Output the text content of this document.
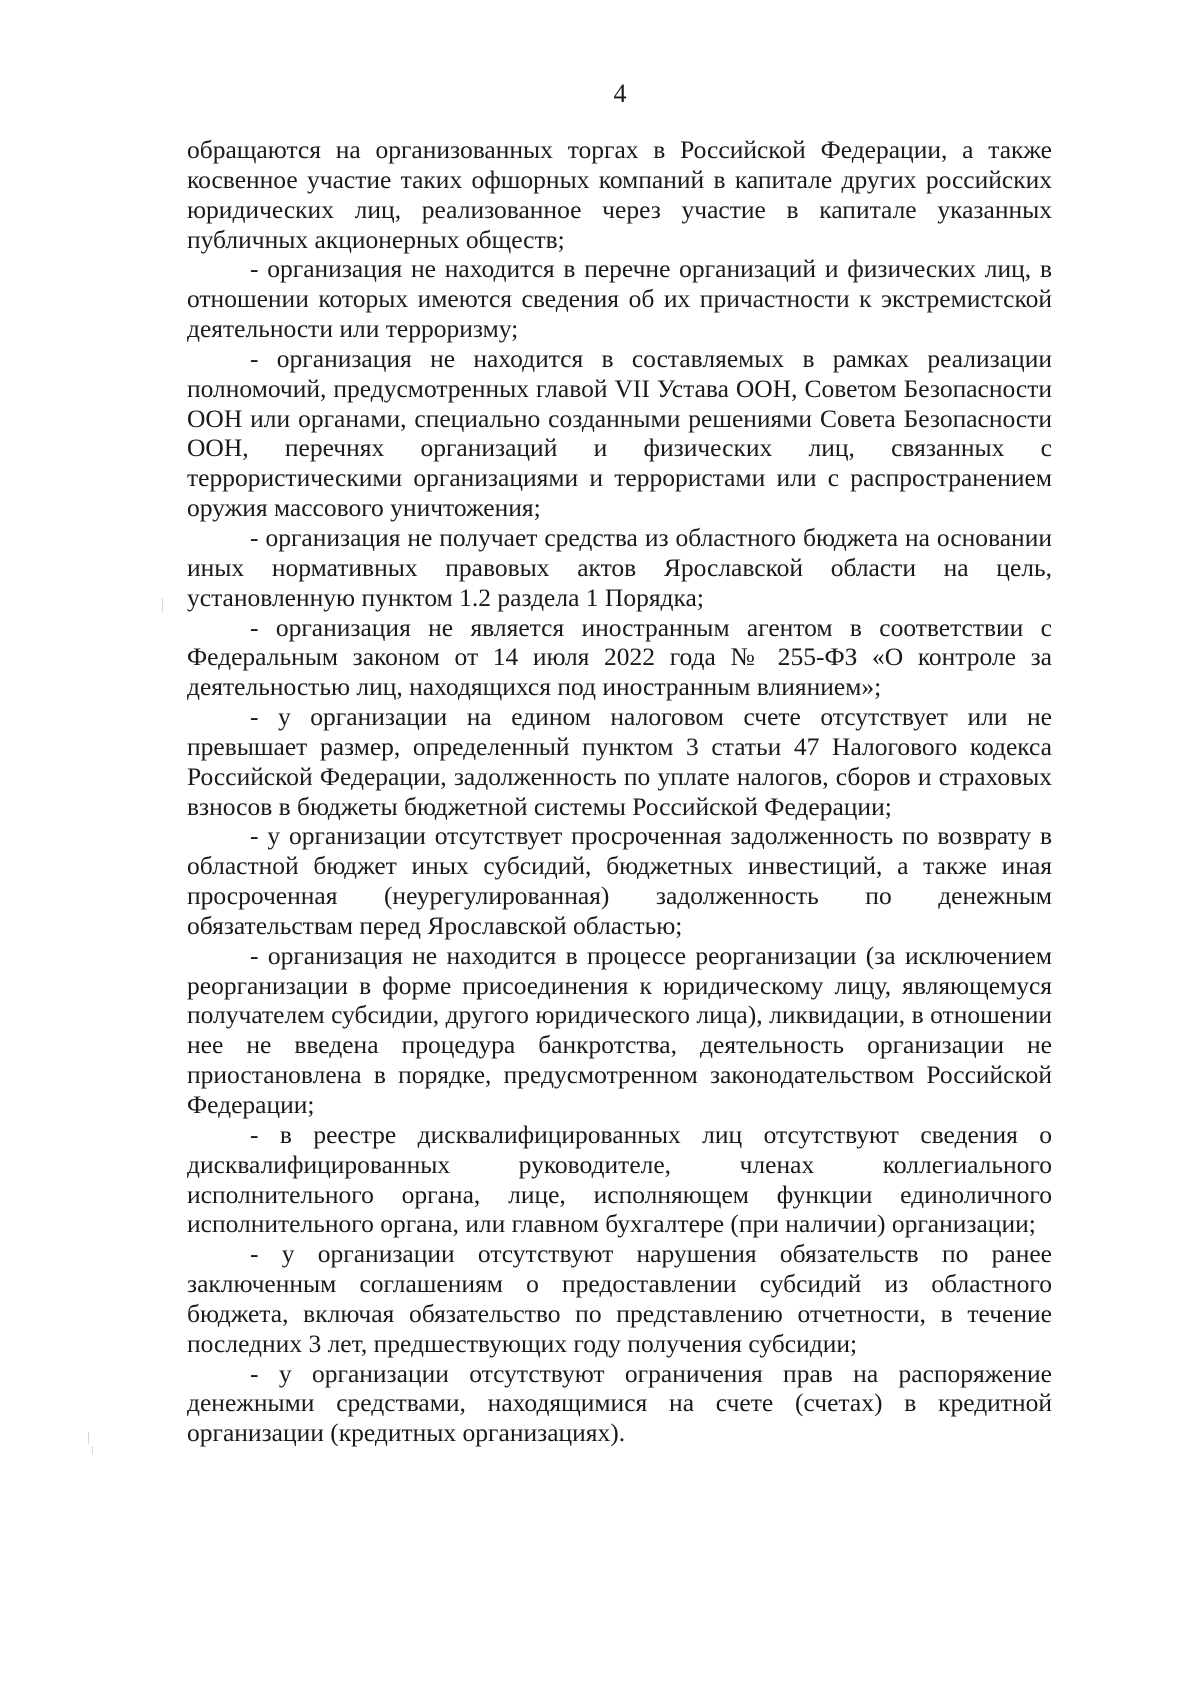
4

обращаются на организованных торгах в Российской Федерации, а также косвенное участие таких офшорных компаний в капитале других российских юридических лиц, реализованное через участие в капитале указанных публичных акционерных обществ;

- организация не находится в перечне организаций и физических лиц, в отношении которых имеются сведения об их причастности к экстремистской деятельности или терроризму;

- организация не находится в составляемых в рамках реализации полномочий, предусмотренных главой VII Устава ООН, Советом Безопасности ООН или органами, специально созданными решениями Совета Безопасности ООН, перечнях организаций и физических лиц, связанных с террористическими организациями и террористами или с распространением оружия массового уничтожения;

- организация не получает средства из областного бюджета на основании иных нормативных правовых актов Ярославской области на цель, установленную пунктом 1.2 раздела 1 Порядка;

- организация не является иностранным агентом в соответствии с Федеральным законом от 14 июля 2022 года № 255-ФЗ «О контроле за деятельностью лиц, находящихся под иностранным влиянием»;

- у организации на едином налоговом счете отсутствует или не превышает размер, определенный пунктом 3 статьи 47 Налогового кодекса Российской Федерации, задолженность по уплате налогов, сборов и страховых взносов в бюджеты бюджетной системы Российской Федерации;

- у организации отсутствует просроченная задолженность по возврату в областной бюджет иных субсидий, бюджетных инвестиций, а также иная просроченная (неурегулированная) задолженность по денежным обязательствам перед Ярославской областью;

- организация не находится в процессе реорганизации (за исключением реорганизации в форме присоединения к юридическому лицу, являющемуся получателем субсидии, другого юридического лица), ликвидации, в отношении нее не введена процедура банкротства, деятельность организации не приостановлена в порядке, предусмотренном законодательством Российской Федерации;

- в реестре дисквалифицированных лиц отсутствуют сведения о дисквалифицированных руководителе, членах коллегиального исполнительного органа, лице, исполняющем функции единоличного исполнительного органа, или главном бухгалтере (при наличии) организации;

- у организации отсутствуют нарушения обязательств по ранее заключенным соглашениям о предоставлении субсидий из областного бюджета, включая обязательство по представлению отчетности, в течение последних 3 лет, предшествующих году получения субсидии;

- у организации отсутствуют ограничения прав на распоряжение денежными средствами, находящимися на счете (счетах) в кредитной организации (кредитных организациях).
